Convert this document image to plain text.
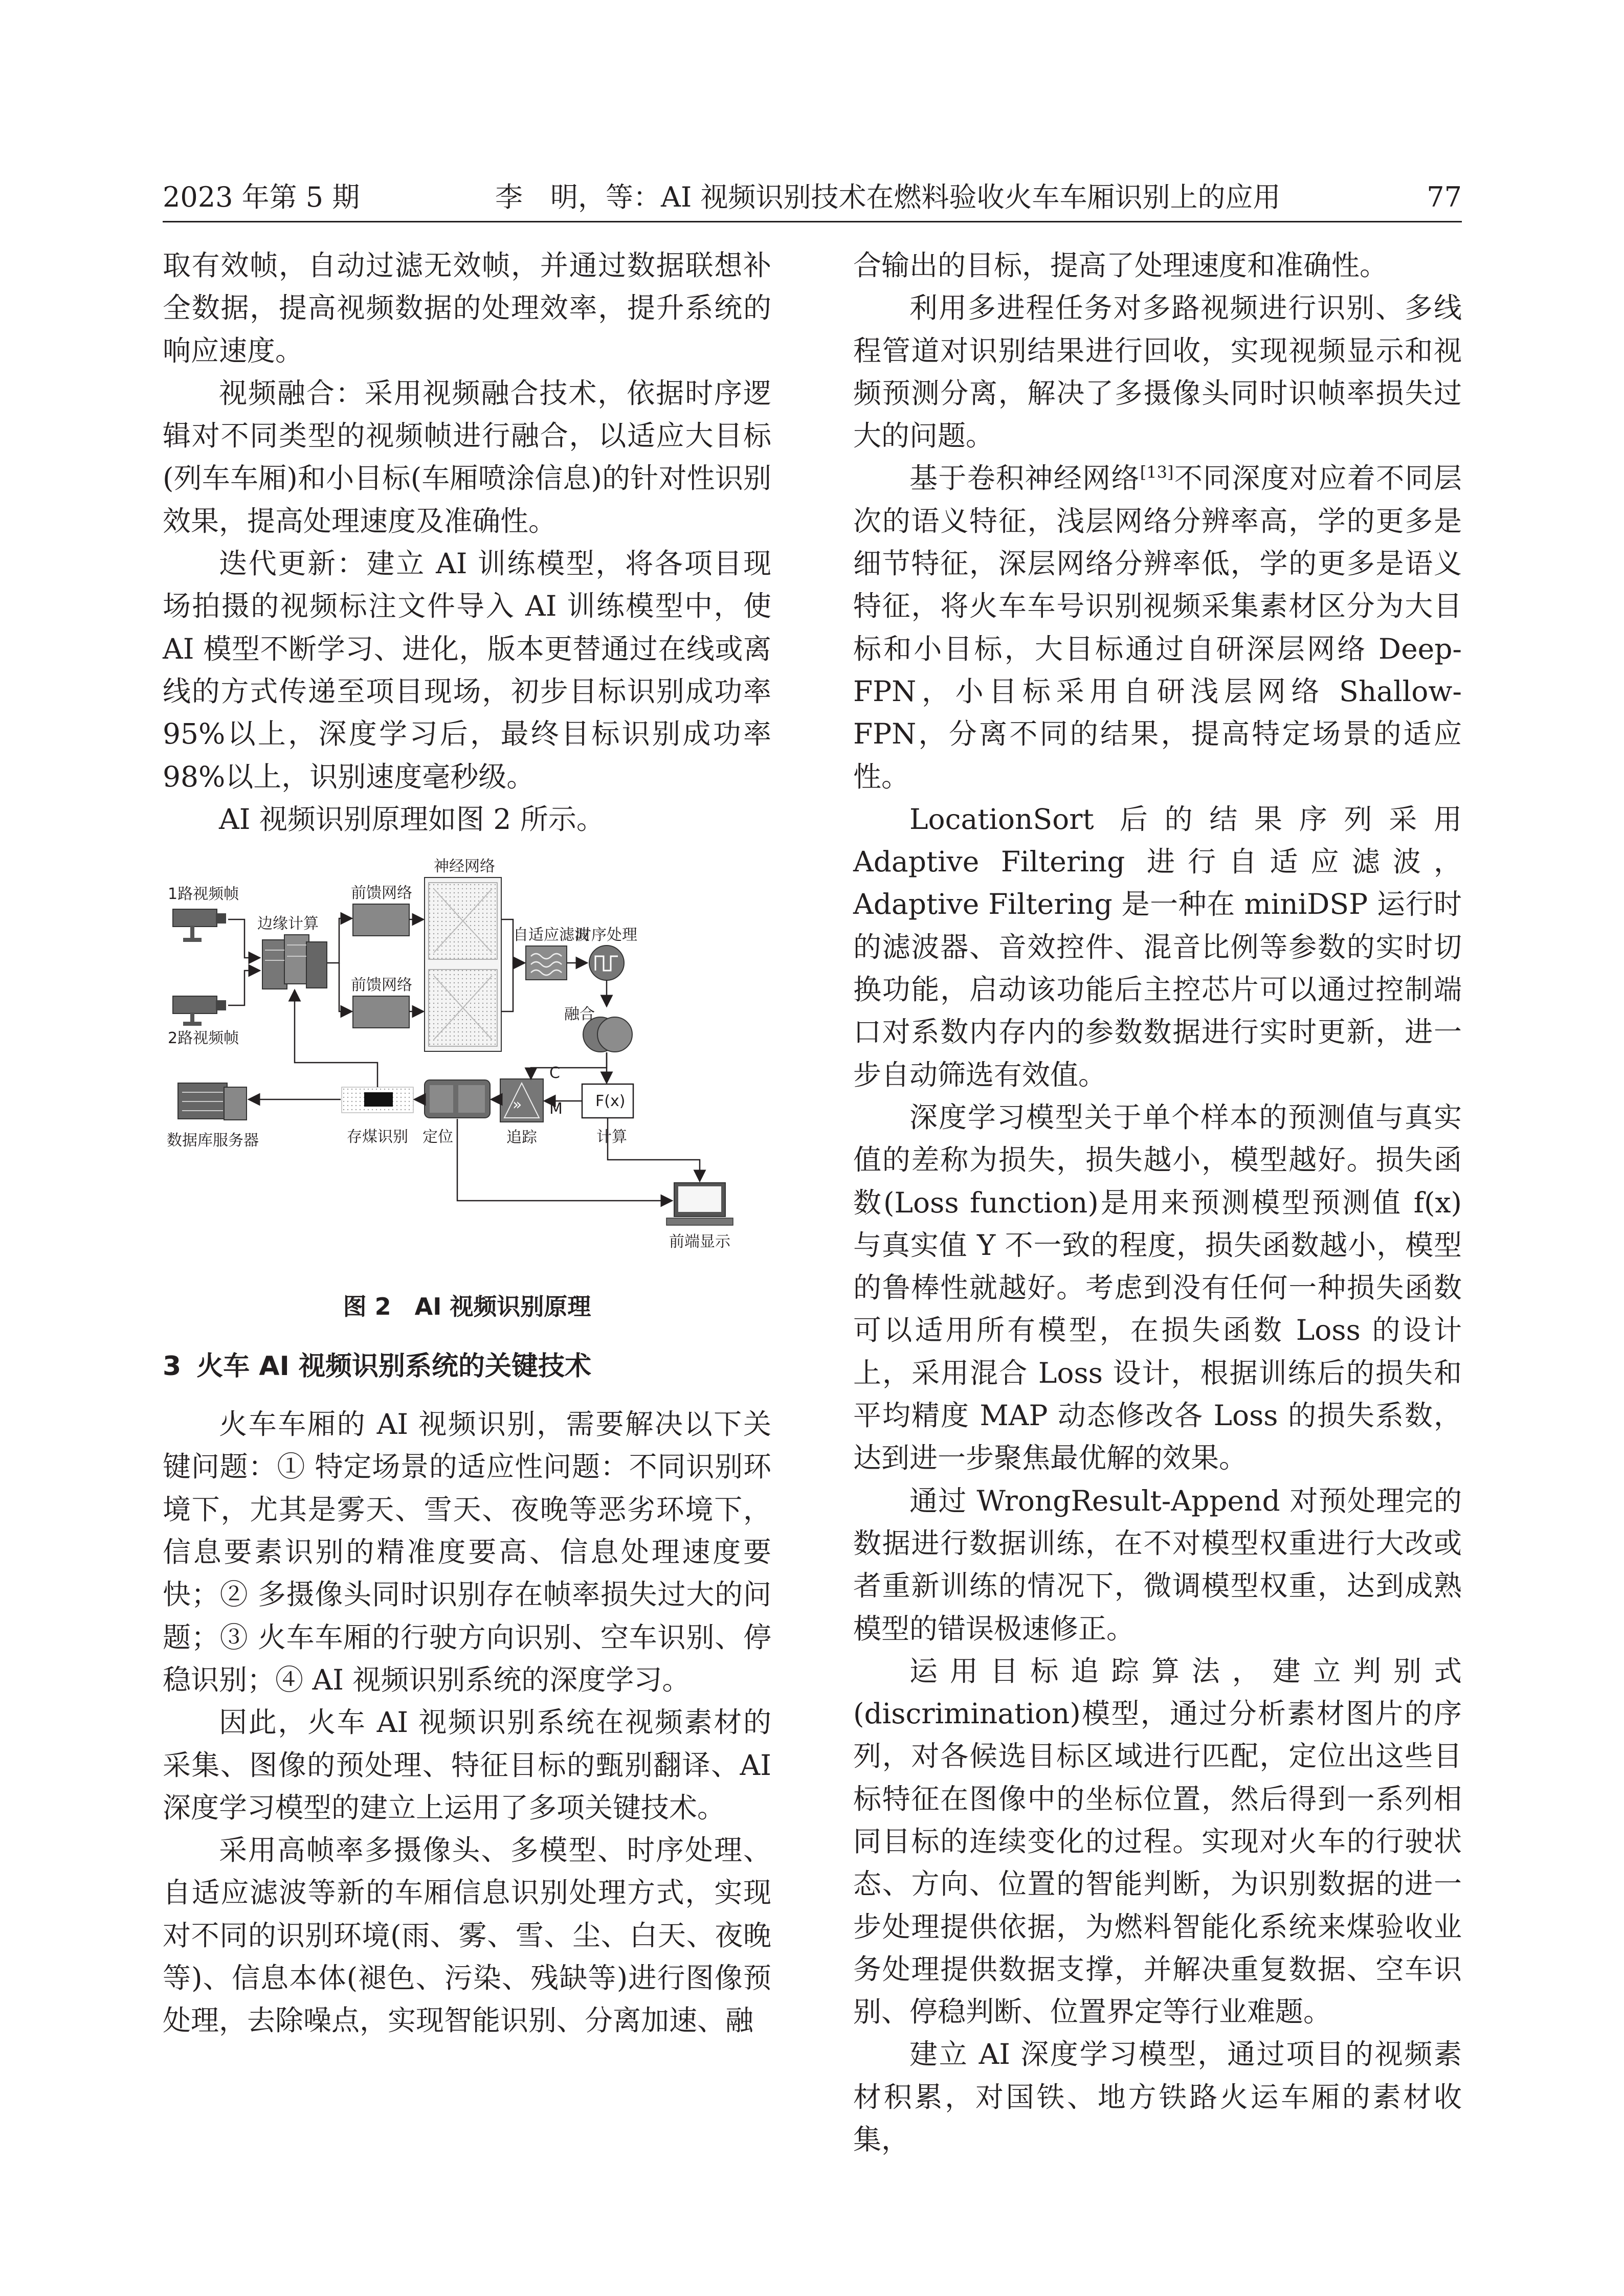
2023 年第 5 期	李　明，等：AI 视频识别技术在燃料验收火车车厢识别上的应用	77

取有效帧，自动过滤无效帧，并通过数据联想补全数据，提高视频数据的处理效率，提升系统的响应速度。

视频融合：采用视频融合技术，依据时序逻辑对不同类型的视频帧进行融合，以适应大目标(列车车厢)和小目标(车厢喷涂信息)的针对性识别效果，提高处理速度及准确性。

迭代更新：建立 AI 训练模型，将各项目现场拍摄的视频标注文件导入 AI 训练模型中，使 AI 模型不断学习、进化，版本更替通过在线或离线的方式传递至项目现场，初步目标识别成功率 95%以上，深度学习后，最终目标识别成功率 98%以上，识别速度毫秒级。

AI 视频识别原理如图 2 所示。

1路视频帧
2路视频帧
边缘计算
前馈网络
前馈网络
神经网络
自适应滤波
时序处理
融合
F(x)
计算
»
追踪
C
M
定位
存煤识别
数据库服务器
前端显示

图 2　AI 视频识别原理

3 火车 AI 视频识别系统的关键技术

火车车厢的 AI 视频识别，需要解决以下关键问题：① 特定场景的适应性问题：不同识别环境下，尤其是雾天、雪天、夜晚等恶劣环境下，信息要素识别的精准度要高、信息处理速度要快；② 多摄像头同时识别存在帧率损失过大的问题；③ 火车车厢的行驶方向识别、空车识别、停稳识别；④ AI 视频识别系统的深度学习。

因此，火车 AI 视频识别系统在视频素材的采集、图像的预处理、特征目标的甄别翻译、AI 深度学习模型的建立上运用了多项关键技术。

采用高帧率多摄像头、多模型、时序处理、自适应滤波等新的车厢信息识别处理方式，实现对不同的识别环境(雨、雾、雪、尘、白天、夜晚等)、信息本体(褪色、污染、残缺等)进行图像预处理，去除噪点，实现智能识别、分离加速、融

合输出的目标，提高了处理速度和准确性。

利用多进程任务对多路视频进行识别、多线程管道对识别结果进行回收，实现视频显示和视频预测分离，解决了多摄像头同时识帧率损失过大的问题。

基于卷积神经网络[13]不同深度对应着不同层次的语义特征，浅层网络分辨率高，学的更多是细节特征，深层网络分辨率低，学的更多是语义特征，将火车车号识别视频采集素材区分为大目标和小目标，大目标通过自研深层网络 Deep-FPN，小目标采用自研浅层网络 Shallow-FPN，分离不同的结果，提高特定场景的适应性。

LocationSort 后的结果序列采用 Adaptive Filtering 进行自适应滤波，Adaptive Filtering 是一种在 miniDSP 运行时的滤波器、音效控件、混音比例等参数的实时切换功能，启动该功能后主控芯片可以通过控制端口对系数内存内的参数数据进行实时更新，进一步自动筛选有效值。

深度学习模型关于单个样本的预测值与真实值的差称为损失，损失越小，模型越好。损失函数(Loss function)是用来预测模型预测值 f(x) 与真实值 Y 不一致的程度，损失函数越小，模型的鲁棒性就越好。考虑到没有任何一种损失函数可以适用所有模型，在损失函数 Loss 的设计上，采用混合 Loss 设计，根据训练后的损失和平均精度 MAP 动态修改各 Loss 的损失系数，达到进一步聚焦最优解的效果。

通过 WrongResult-Append 对预处理完的数据进行数据训练，在不对模型权重进行大改或者重新训练的情况下，微调模型权重，达到成熟模型的错误极速修正。

运用目标追踪算法，建立判别式(discrimination)模型，通过分析素材图片的序列，对各候选目标区域进行匹配，定位出这些目标特征在图像中的坐标位置，然后得到一系列相同目标的连续变化的过程。实现对火车的行驶状态、方向、位置的智能判断，为识别数据的进一步处理提供依据，为燃料智能化系统来煤验收业务处理提供数据支撑，并解决重复数据、空车识别、停稳判断、位置界定等行业难题。

建立 AI 深度学习模型，通过项目的视频素材积累，对国铁、地方铁路火运车厢的素材收集，
